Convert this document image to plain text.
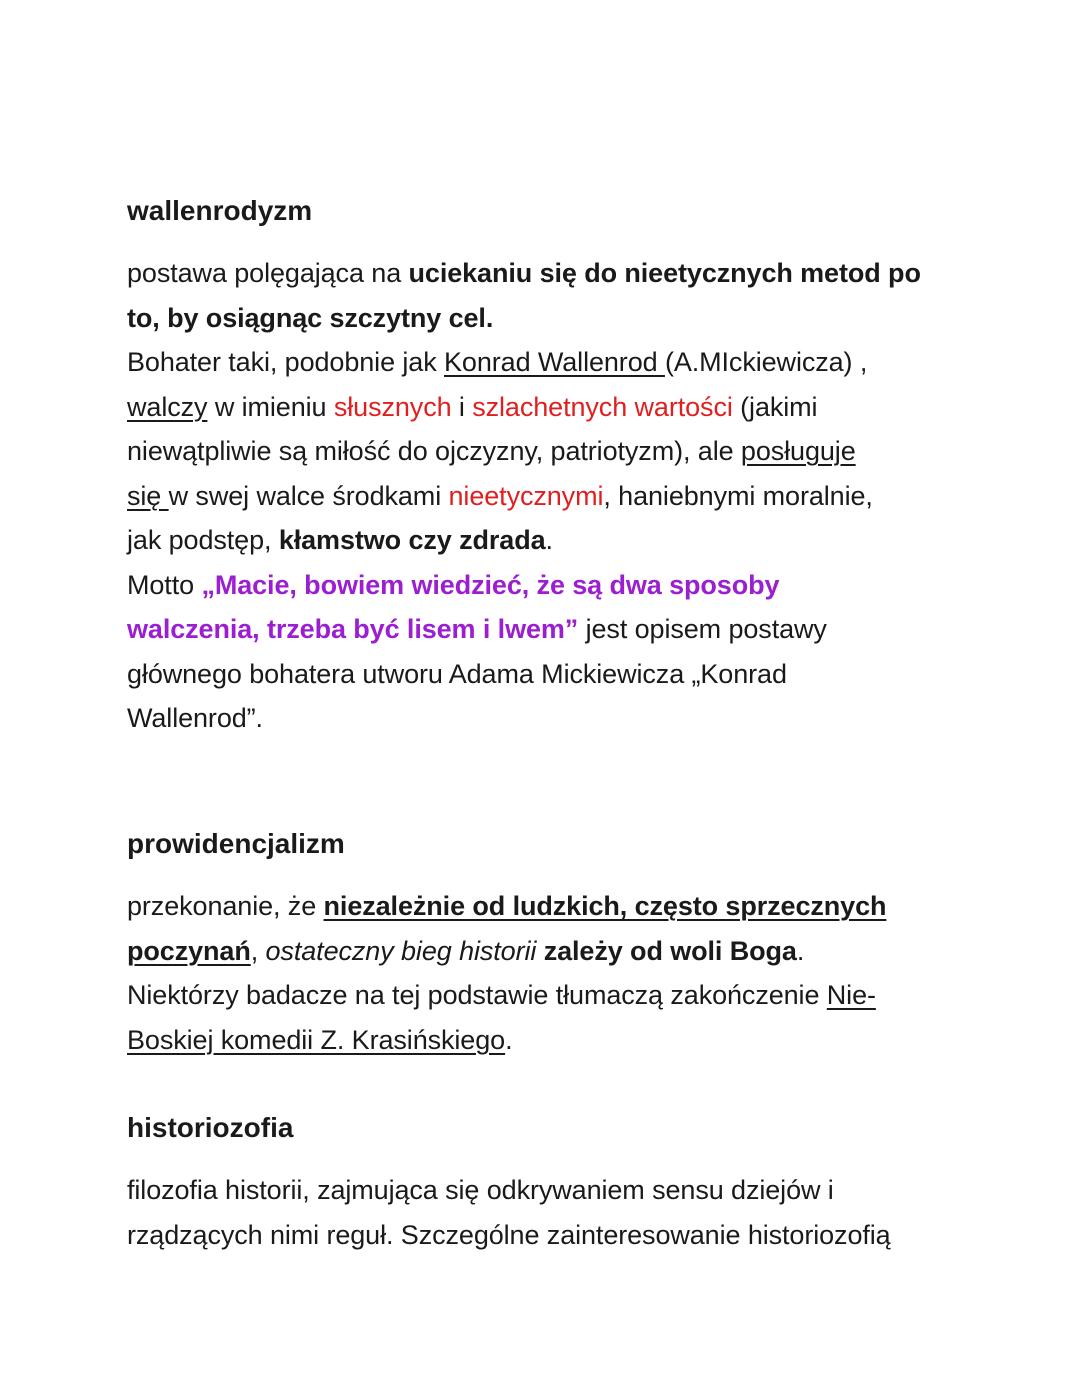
wallenrodyzm
postawa polęgająca na uciekaniu się do nieetycznych metod po
to, by osiągnąc szczytny cel.
Bohater taki, podobnie jak Konrad Wallenrod (A.MIckiewicza) ,
walczy w imieniu słusznych i szlachetnych wartości (jakimi
niewątpliwie są miłość do ojczyzny, patriotyzm), ale posługuje
się w swej walce środkami nieetycznymi, haniebnymi moralnie,
jak podstęp, kłamstwo czy zdrada.
Motto „Macie, bowiem wiedzieć, że są dwa sposoby
walczenia, trzeba być lisem i lwem” jest opisem postawy
głównego bohatera utworu Adama Mickiewicza „Konrad
Wallenrod”.
prowidencjalizm
przekonanie, że niezależnie od ludzkich, często sprzecznych
poczynań, ostateczny bieg historii zależy od woli Boga.
Niektórzy badacze na tej podstawie tłumaczą zakończenie Nie-
Boskiej komedii Z. Krasińskiego.
historiozofia
filozofia historii, zajmująca się odkrywaniem sensu dziejów i
rządzących nimi reguł. Szczególne zainteresowanie historiozofią
